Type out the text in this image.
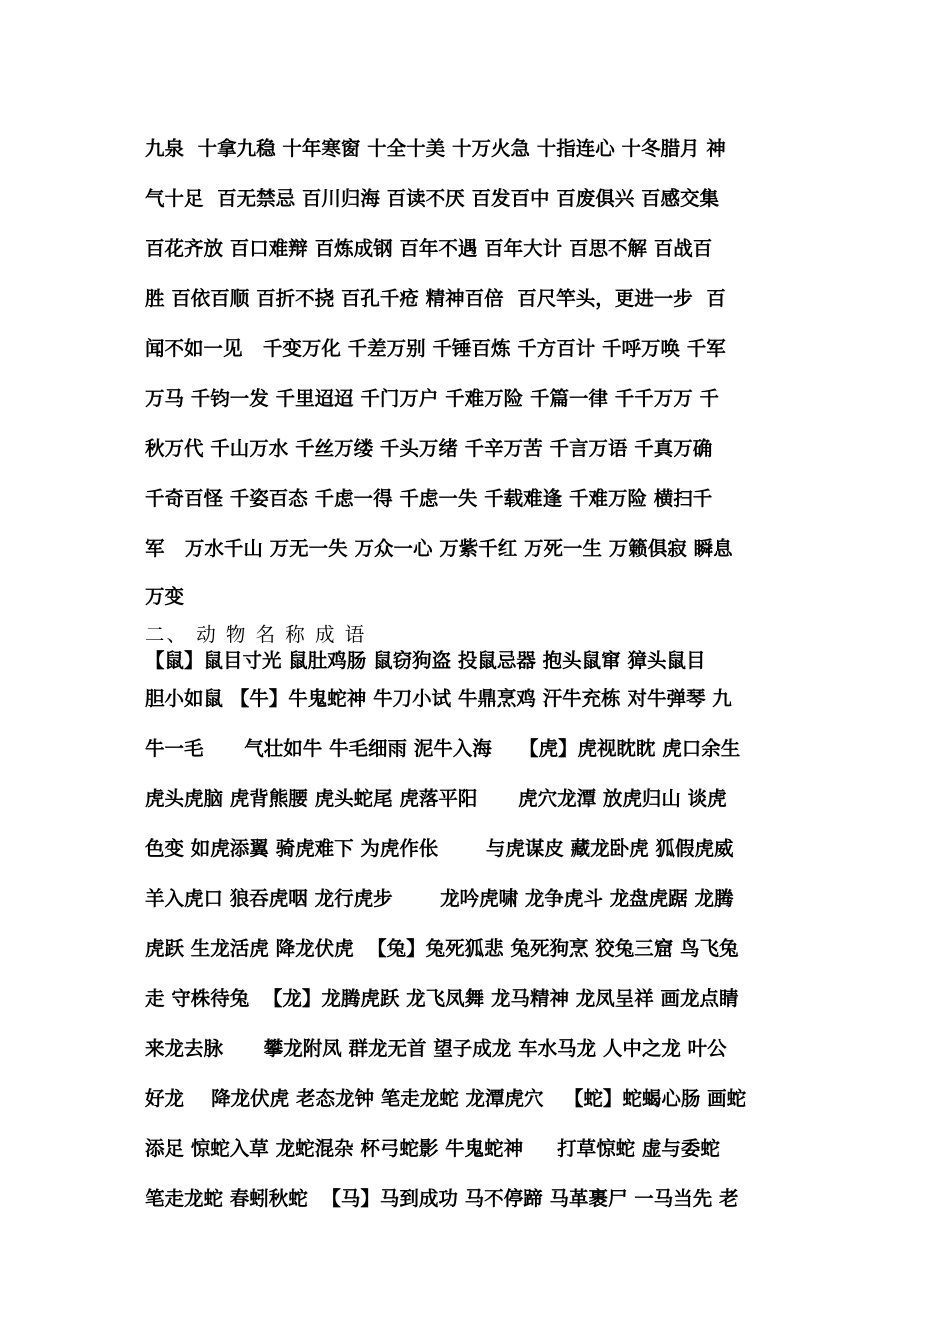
九泉  十拿九稳 十年寒窗 十全十美 十万火急 十指连心 十冬腊月 神
气十足  百无禁忌 百川归海 百读不厌 百发百中 百废俱兴 百感交集
百花齐放 百口难辩 百炼成钢 百年不遇 百年大计 百思不解 百战百
胜 百依百顺 百折不挠 百孔千疮 精神百倍  百尺竿头，更进一步  百
闻不如一见   千变万化 千差万别 千锤百炼 千方百计 千呼万唤 千军
万马 千钧一发 千里迢迢 千门万户 千难万险 千篇一律 千千万万 千
秋万代 千山万水 千丝万缕 千头万绪 千辛万苦 千言万语 千真万确
千奇百怪 千姿百态 千虑一得 千虑一失 千载难逢 千难万险 横扫千
军   万水千山 万无一失 万众一心 万紫千红 万死一生 万籁俱寂 瞬息
万变
二、 动 物 名 称 成 语
【鼠】鼠目寸光 鼠肚鸡肠 鼠窃狗盗 投鼠忌器 抱头鼠窜 獐头鼠目
胆小如鼠 【牛】牛鬼蛇神 牛刀小试 牛鼎烹鸡 汗牛充栋 对牛弹琴 九
牛一毛      气壮如牛 牛毛细雨 泥牛入海    【虎】虎视眈眈 虎口余生
虎头虎脑 虎背熊腰 虎头蛇尾 虎落平阳      虎穴龙潭 放虎归山 谈虎
色变 如虎添翼 骑虎难下 为虎作伥       与虎谋皮 藏龙卧虎 狐假虎威
羊入虎口 狼吞虎咽 龙行虎步       龙吟虎啸 龙争虎斗 龙盘虎踞 龙腾
虎跃 生龙活虎 降龙伏虎  【兔】兔死狐悲 兔死狗烹 狡兔三窟 鸟飞兔
走 守株待兔  【龙】龙腾虎跃 龙飞凤舞 龙马精神 龙凤呈祥 画龙点睛
来龙去脉      攀龙附凤 群龙无首 望子成龙 车水马龙 人中之龙 叶公
好龙    降龙伏虎 老态龙钟 笔走龙蛇 龙潭虎穴   【蛇】蛇蝎心肠 画蛇
添足 惊蛇入草 龙蛇混杂 杯弓蛇影 牛鬼蛇神     打草惊蛇 虚与委蛇
笔走龙蛇 春蚓秋蛇  【马】马到成功 马不停蹄 马革裹尸 一马当先 老
